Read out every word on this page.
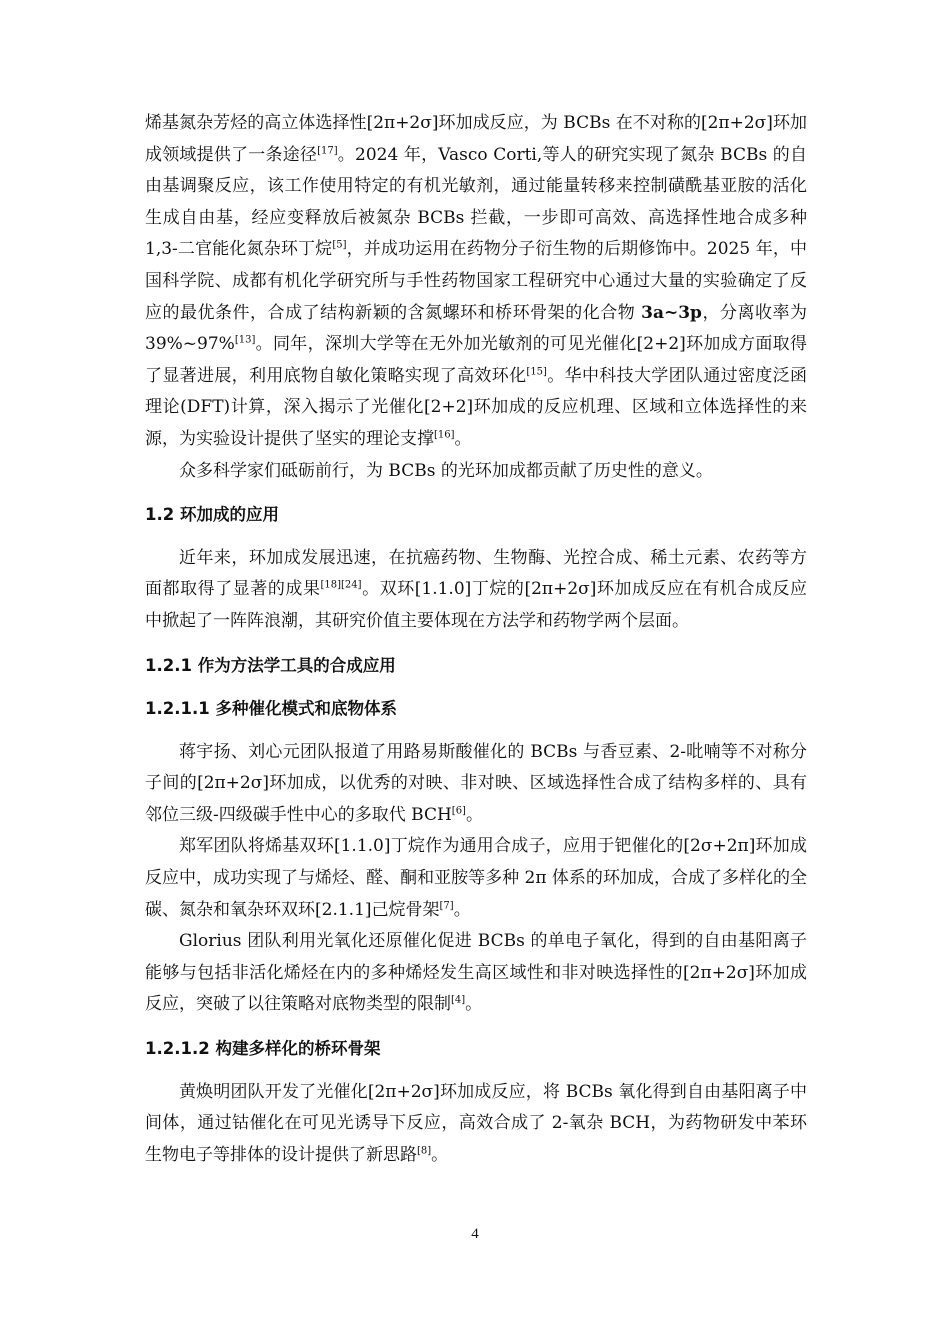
烯基氮杂芳烃的高立体选择性[2π+2σ]环加成反应，为 BCBs 在不对称的[2π+2σ]环加成领域提供了一条途径[17]。2024 年，Vasco Corti,等人的研究实现了氮杂 BCBs 的自由基调聚反应，该工作使用特定的有机光敏剂，通过能量转移来控制磺酰基亚胺的活化生成自由基，经应变释放后被氮杂 BCBs 拦截，一步即可高效、高选择性地合成多种 1,3-二官能化氮杂环丁烷[5]，并成功运用在药物分子衍生物的后期修饰中。2025 年，中国科学院、成都有机化学研究所与手性药物国家工程研究中心通过大量的实验确定了反应的最优条件，合成了结构新颖的含氮螺环和桥环骨架的化合物 3a~3p，分离收率为 39%~97%[13]。同年，深圳大学等在无外加光敏剂的可见光催化[2+2]环加成方面取得了显著进展，利用底物自敏化策略实现了高效环化[15]。华中科技大学团队通过密度泛函理论(DFT)计算，深入揭示了光催化[2+2]环加成的反应机理、区域和立体选择性的来源，为实验设计提供了坚实的理论支撑[16]。

众多科学家们砥砺前行，为 BCBs 的光环加成都贡献了历史性的意义。

1.2 环加成的应用

近年来，环加成发展迅速，在抗癌药物、生物酶、光控合成、稀土元素、农药等方面都取得了显著的成果[18][24]。双环[1.1.0]丁烷的[2π+2σ]环加成反应在有机合成反应中掀起了一阵阵浪潮，其研究价值主要体现在方法学和药物学两个层面。

1.2.1 作为方法学工具的合成应用
1.2.1.1 多种催化模式和底物体系

蒋宇扬、刘心元团队报道了用路易斯酸催化的 BCBs 与香豆素、2-吡喃等不对称分子间的[2π+2σ]环加成，以优秀的对映、非对映、区域选择性合成了结构多样的、具有邻位三级-四级碳手性中心的多取代 BCH[6]。

郑军团队将烯基双环[1.1.0]丁烷作为通用合成子，应用于钯催化的[2σ+2π]环加成反应中，成功实现了与烯烃、醛、酮和亚胺等多种 2π 体系的环加成，合成了多样化的全碳、氮杂和氧杂环双环[2.1.1]己烷骨架[7]。

Glorius 团队利用光氧化还原催化促进 BCBs 的单电子氧化，得到的自由基阳离子能够与包括非活化烯烃在内的多种烯烃发生高区域性和非对映选择性的[2π+2σ]环加成反应，突破了以往策略对底物类型的限制[4]。

1.2.1.2 构建多样化的桥环骨架

黄焕明团队开发了光催化[2π+2σ]环加成反应，将 BCBs 氧化得到自由基阳离子中间体，通过钴催化在可见光诱导下反应，高效合成了 2-氧杂 BCH，为药物研发中苯环生物电子等排体的设计提供了新思路[8]。

4
